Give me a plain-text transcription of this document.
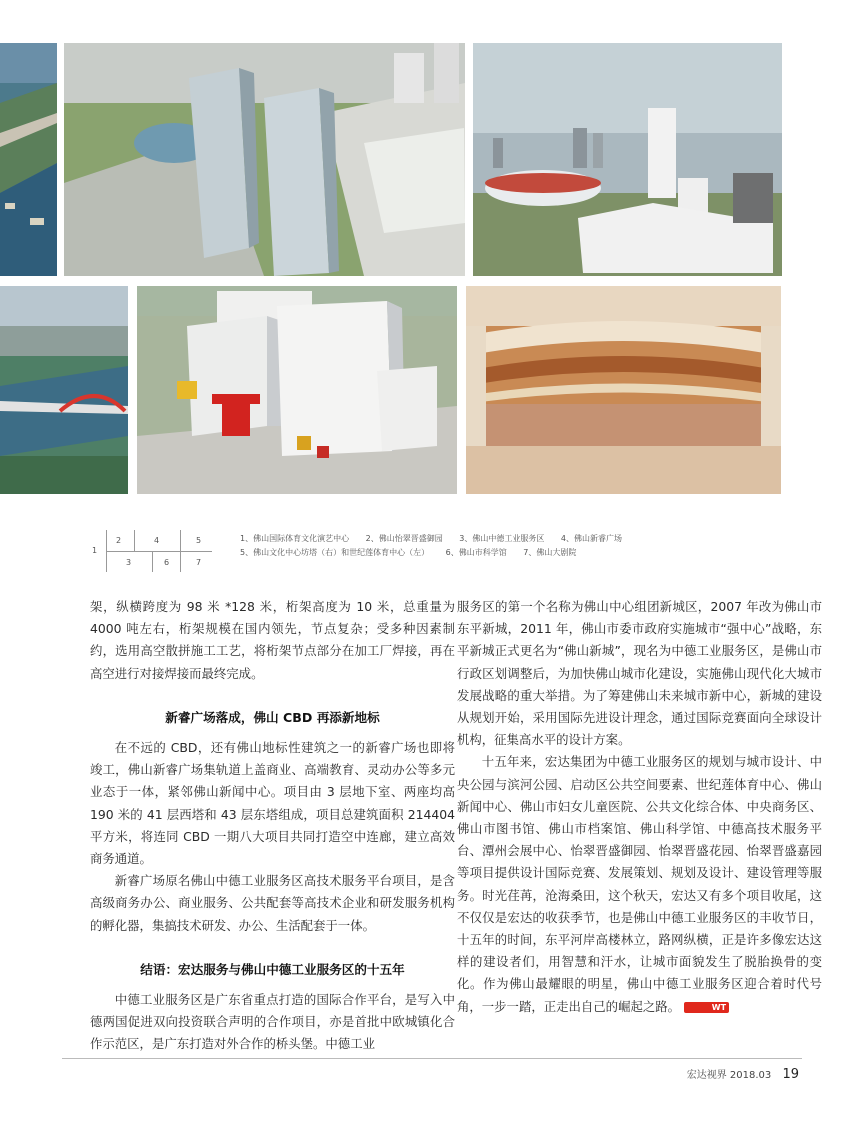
1
2	4	5
3	6	7
1、佛山国际体育文化演艺中心 2、佛山怡翠晋盛御园 3、佛山中德工业服务区 4、佛山新睿广场
5、佛山文化中心坊塔（右）和世纪莲体育中心（左） 6、佛山市科学馆 7、佛山大剧院

架，纵横跨度为 98 米 *128 米，桁架高度为 10 米，总重量为 4000 吨左右，桁架规模在国内领先，节点复杂；受多种因素制约，选用高空散拼施工工艺，将桁架节点部分在加工厂焊接，再在高空进行对接焊接而最终完成。

新睿广场落成，佛山 CBD 再添新地标

在不远的 CBD，还有佛山地标性建筑之一的新睿广场也即将竣工，佛山新睿广场集轨道上盖商业、高端教育、灵动办公等多元业态于一体，紧邻佛山新闻中心。项目由 3 层地下室、两座均高 190 米的 41 层西塔和 43 层东塔组成，项目总建筑面积 214404 平方米，将连同 CBD 一期八大项目共同打造空中连廊，建立高效商务通道。

新睿广场原名佛山中德工业服务区高技术服务平台项目，是含高级商务办公、商业服务、公共配套等高技术企业和研发服务机构的孵化器，集搞技术研发、办公、生活配套于一体。

结语：宏达服务与佛山中德工业服务区的十五年

中德工业服务区是广东省重点打造的国际合作平台，是写入中德两国促进双向投资联合声明的合作项目，亦是首批中欧城镇化合作示范区，是广东打造对外合作的桥头堡。中德工业

服务区的第一个名称为佛山中心组团新城区，2007 年改为佛山市东平新城，2011 年，佛山市委市政府实施城市“强中心”战略，东平新城正式更名为“佛山新城”，现名为中德工业服务区，是佛山市行政区划调整后，为加快佛山城市化建设，实施佛山现代化大城市发展战略的重大举措。为了筹建佛山未来城市新中心，新城的建设从规划开始，采用国际先进设计理念，通过国际竞赛面向全球设计机构，征集高水平的设计方案。

十五年来，宏达集团为中德工业服务区的规划与城市设计、中央公园与滨河公园、启动区公共空间要素、世纪莲体育中心、佛山新闻中心、佛山市妇女儿童医院、公共文化综合体、中央商务区、佛山市图书馆、佛山市档案馆、佛山科学馆、中德高技术服务平台、潭州会展中心、怡翠晋盛御园、怡翠晋盛花园、怡翠晋盛嘉园等项目提供设计国际竞赛、发展策划、规划及设计、建设管理等服务。时光荏苒，沧海桑田，这个秋天，宏达又有多个项目收尾，这不仅仅是宏达的收获季节，也是佛山中德工业服务区的丰收节日，十五年的时间，东平河岸高楼林立，路网纵横，正是许多像宏达这样的建设者们，用智慧和汗水，让城市面貌发生了脱胎换骨的变化。作为佛山最耀眼的明星，佛山中德工业服务区迎合着时代号角，一步一踏，正走出自己的崛起之路。	WT

宏达视界 2018.03 19
